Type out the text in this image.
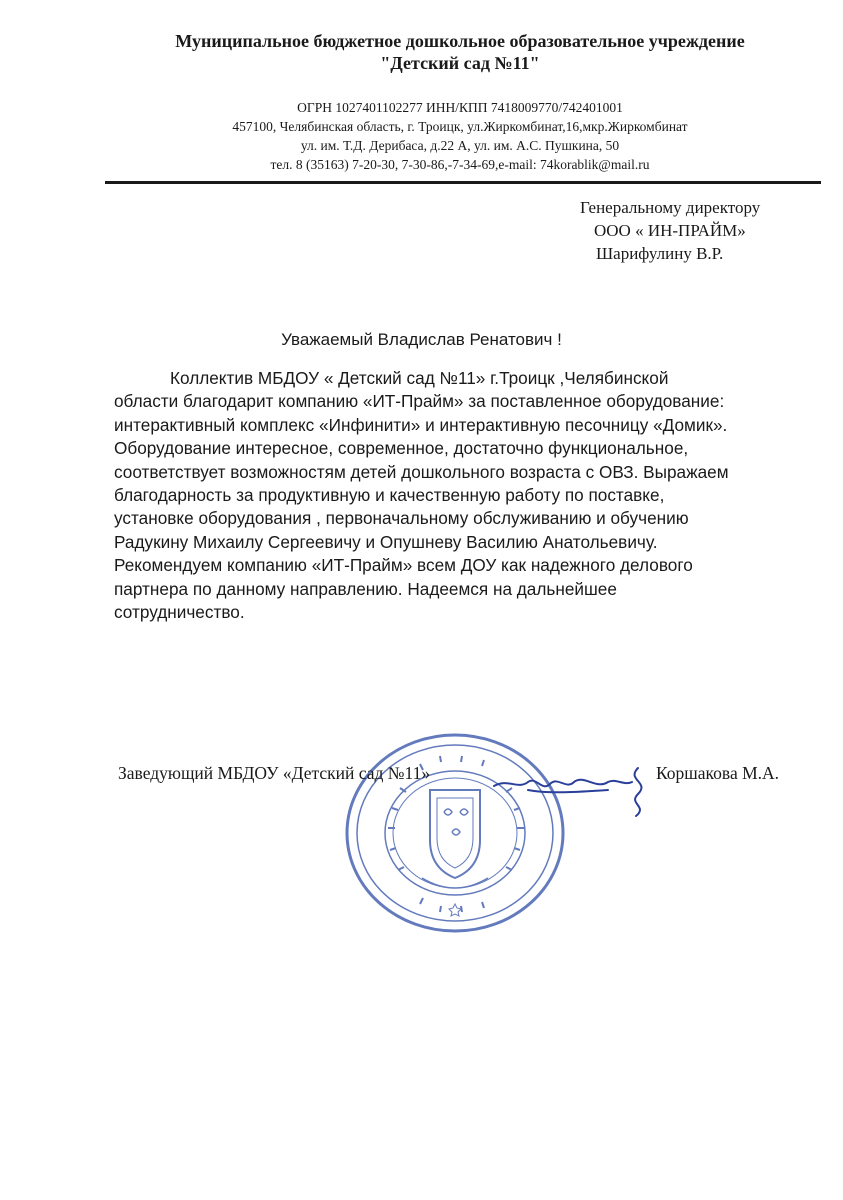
Муниципальное бюджетное дошкольное образовательное учреждение
"Детский сад №11"
ОГРН 1027401102277 ИНН/КПП 7418009770/742401001
457100, Челябинская область, г. Троицк, ул.Жиркомбинат,16,мкр.Жиркомбинат
ул. им. Т.Д. Дерибаса, д.22 А, ул. им. А.С. Пушкина, 50
тел. 8 (35163) 7-20-30, 7-30-86,-7-34-69,e-mail: 74korablik@mail.ru
Генеральному директору
ООО « ИН-ПРАЙМ»
Шарифулину В.Р.
Уважаемый Владислав Ренатович !
Коллектив МБДОУ « Детский сад №11» г.Троицк ,Челябинской
области благодарит компанию «ИТ-Прайм» за поставленное оборудование:
интерактивный комплекс «Инфинити» и интерактивную песочницу «Домик».
Оборудование интересное, современное, достаточно функциональное,
соответствует возможностям детей дошкольного возраста с ОВЗ. Выражаем
благодарность за продуктивную и качественную работу по поставке,
установке оборудования , первоначальному обслуживанию и обучению
Радукину Михаилу Сергеевичу и Опушневу Василию Анатольевичу.
Рекомендуем компанию «ИТ-Прайм» всем ДОУ как надежного делового
партнера по данному направлению. Надеемся на дальнейшее
сотрудничество.
Заведующий МБДОУ «Детский сад №11»	Коршакова М.А.
